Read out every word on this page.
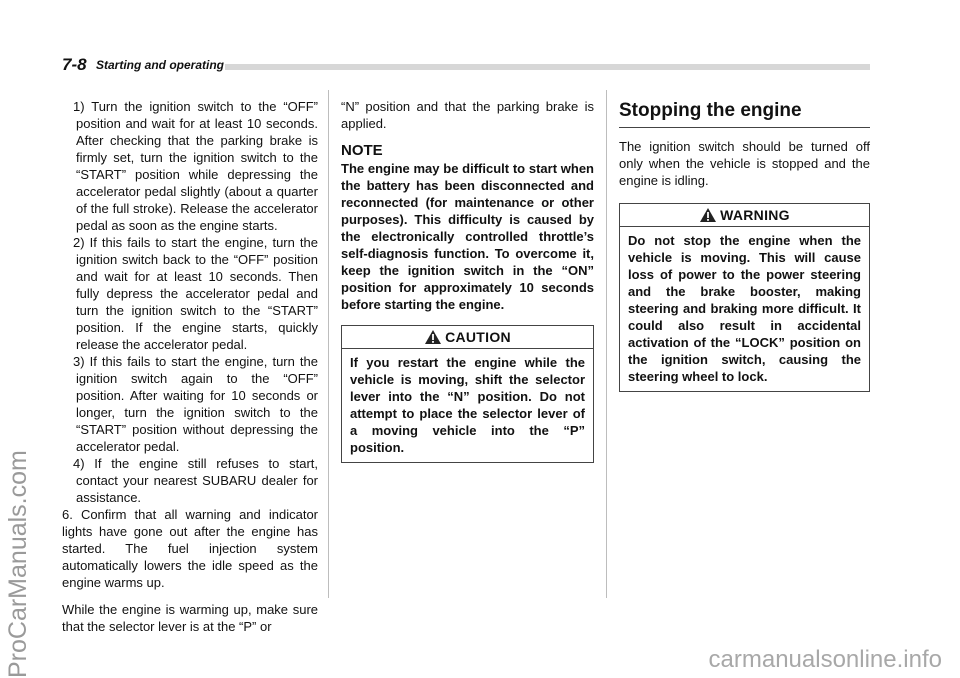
7-8 Starting and operating
ProCarManuals.com	carmanualsonline.info

1) Turn the ignition switch to the “OFF” position and wait for at least 10 seconds. After checking that the parking brake is firmly set, turn the ignition switch to the “START” position while depressing the accelerator pedal slightly (about a quarter of the full stroke). Release the accelerator pedal as soon as the engine starts.

2) If this fails to start the engine, turn the ignition switch back to the “OFF” position and wait for at least 10 seconds. Then fully depress the accelerator pedal and turn the ignition switch to the “START” position. If the engine starts, quickly release the accelerator pedal.

3) If this fails to start the engine, turn the ignition switch again to the “OFF” position. After waiting for 10 seconds or longer, turn the ignition switch to the “START” position without depressing the accelerator pedal.

4) If the engine still refuses to start, contact your nearest SUBARU dealer for assistance.

6. Confirm that all warning and indicator lights have gone out after the engine has started. The fuel injection system automatically lowers the idle speed as the engine warms up.

While the engine is warming up, make sure that the selector lever is at the “P” or

“N” position and that the parking brake is applied.

NOTE

The engine may be difficult to start when the battery has been disconnected and reconnected (for maintenance or other purposes). This difficulty is caused by the electronically controlled throttle’s self-diagnosis function. To overcome it, keep the ignition switch in the “ON” position for approximately 10 seconds before starting the engine.

CAUTION
If you restart the engine while the vehicle is moving, shift the selector lever into the “N” position. Do not attempt to place the selector lever of a moving vehicle into the “P” position.

Stopping the engine

The ignition switch should be turned off only when the vehicle is stopped and the engine is idling.

WARNING
Do not stop the engine when the vehicle is moving. This will cause loss of power to the power steering and the brake booster, making steering and braking more difficult. It could also result in accidental activation of the “LOCK” position on the ignition switch, causing the steering wheel to lock.
